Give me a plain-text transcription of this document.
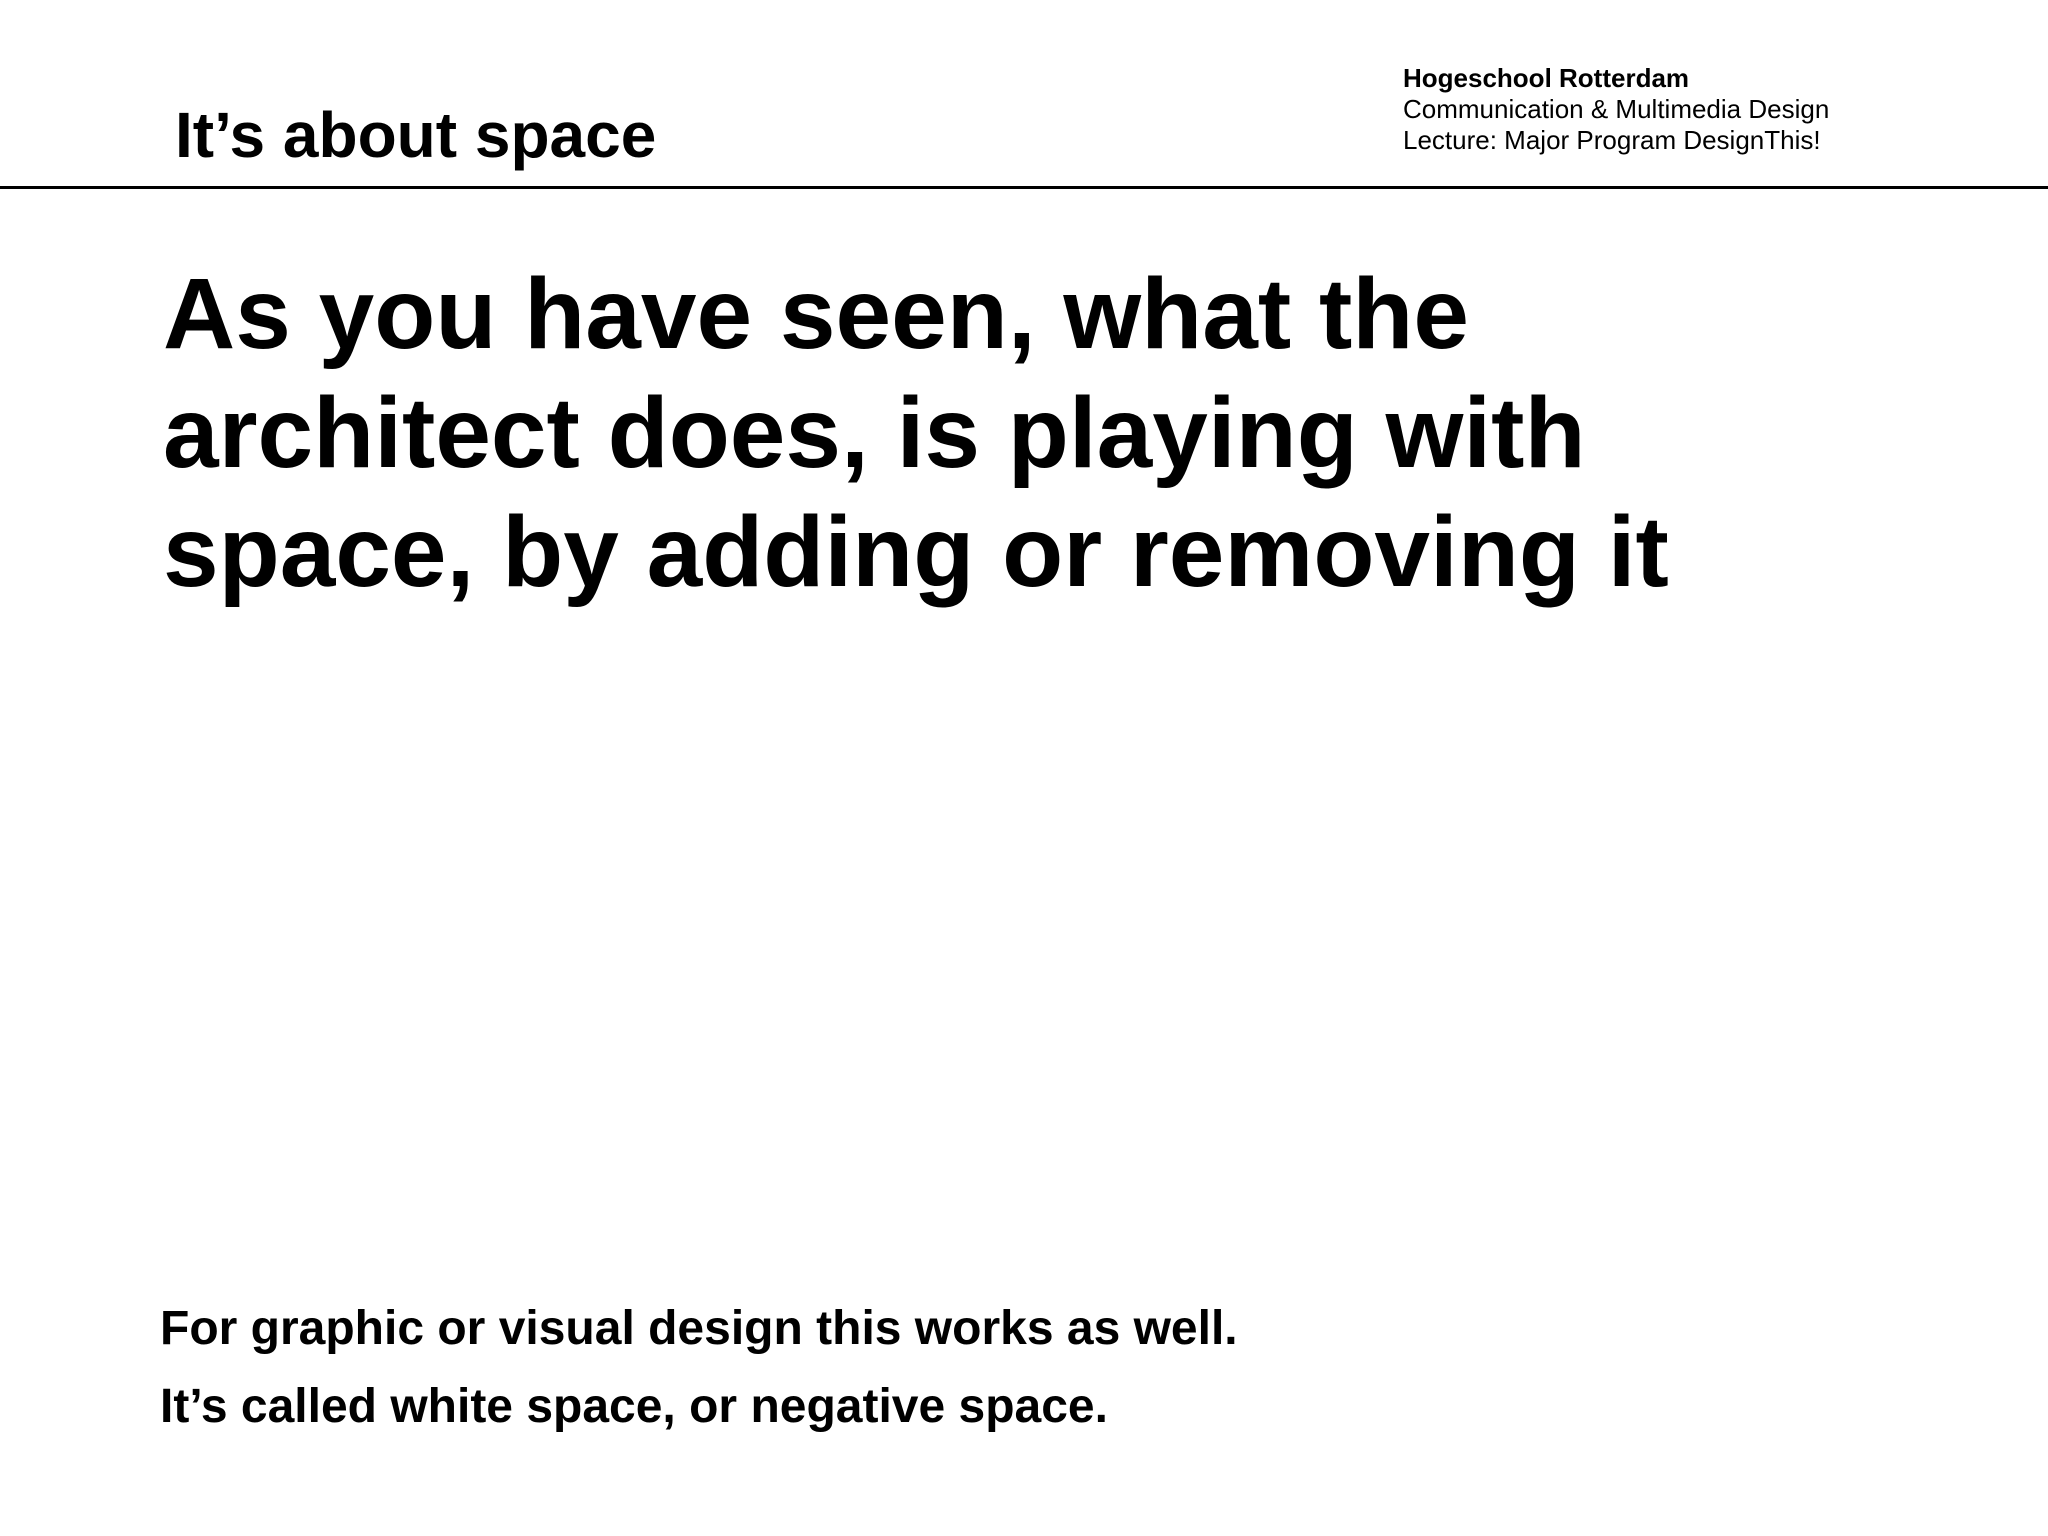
It’s about space
Hogeschool Rotterdam
Communication & Multimedia Design
Lecture: Major Program DesignThis!

As you have seen, what the
architect does, is playing with
space, by adding or removing it

For graphic or visual design this works as well.
It’s called white space, or negative space.
